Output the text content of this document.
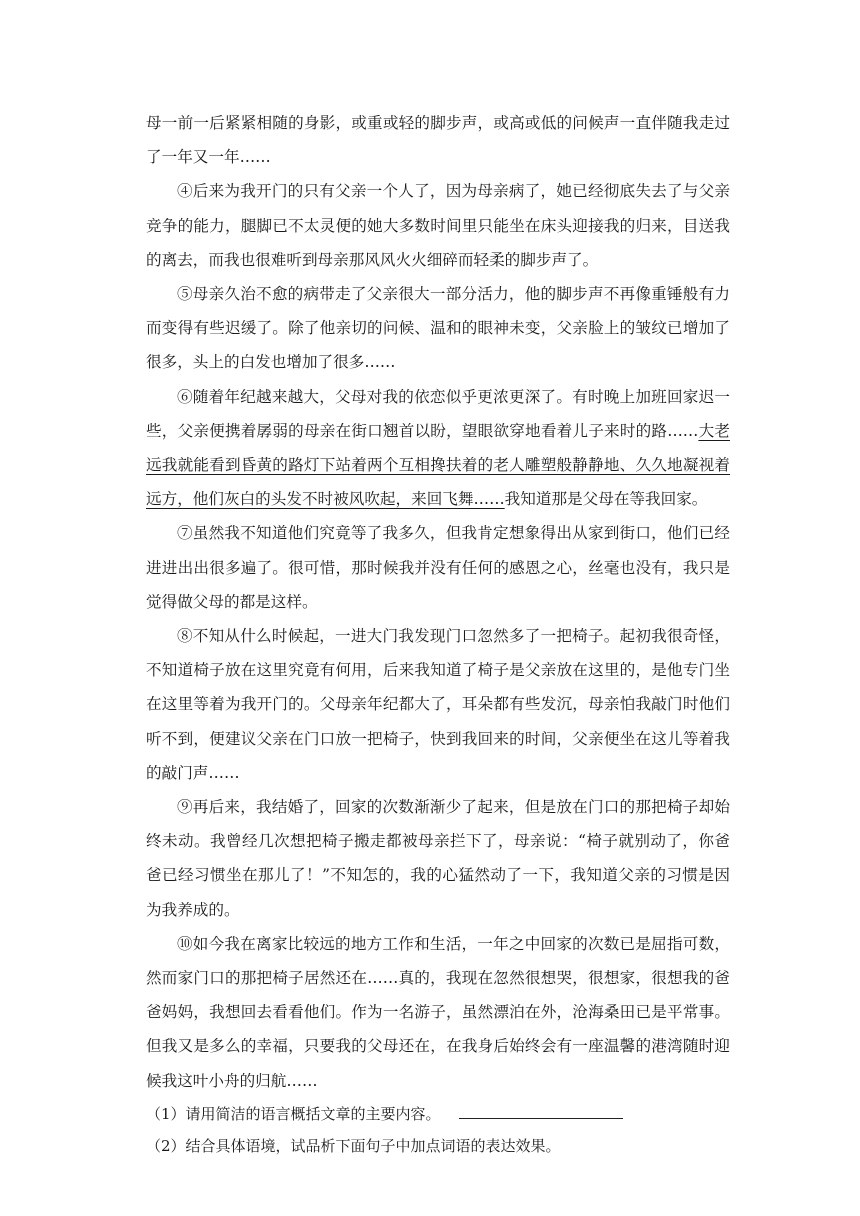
母一前一后紧紧相随的身影，或重或轻的脚步声，或高或低的问候声一直伴随我走过了一年又一年……

④后来为我开门的只有父亲一个人了，因为母亲病了，她已经彻底失去了与父亲竞争的能力，腿脚已不太灵便的她大多数时间里只能坐在床头迎接我的归来，目送我的离去，而我也很难听到母亲那风风火火细碎而轻柔的脚步声了。

⑤母亲久治不愈的病带走了父亲很大一部分活力，他的脚步声不再像重锤般有力而变得有些迟缓了。除了他亲切的问候、温和的眼神未变，父亲脸上的皱纹已增加了很多，头上的白发也增加了很多……

⑥随着年纪越来越大，父母对我的依恋似乎更浓更深了。有时晚上加班回家迟一些，父亲便携着孱弱的母亲在街口翘首以盼，望眼欲穿地看着儿子来时的路……大老远我就能看到昏黄的路灯下站着两个互相搀扶着的老人雕塑般静静地、久久地凝视着远方，他们灰白的头发不时被风吹起，来回飞舞……我知道那是父母在等我回家。

⑦虽然我不知道他们究竟等了我多久，但我肯定想象得出从家到街口，他们已经进进出出很多遍了。很可惜，那时候我并没有任何的感恩之心，丝毫也没有，我只是觉得做父母的都是这样。

⑧不知从什么时候起，一进大门我发现门口忽然多了一把椅子。起初我很奇怪，不知道椅子放在这里究竟有何用，后来我知道了椅子是父亲放在这里的，是他专门坐在这里等着为我开门的。父母亲年纪都大了，耳朵都有些发沉，母亲怕我敲门时他们听不到，便建议父亲在门口放一把椅子，快到我回来的时间，父亲便坐在这儿等着我的敲门声……

⑨再后来，我结婚了，回家的次数渐渐少了起来，但是放在门口的那把椅子却始终未动。我曾经几次想把椅子搬走都被母亲拦下了，母亲说：“椅子就别动了，你爸爸已经习惯坐在那儿了！”不知怎的，我的心猛然动了一下，我知道父亲的习惯是因为我养成的。

⑩如今我在离家比较远的地方工作和生活，一年之中回家的次数已是屈指可数，然而家门口的那把椅子居然还在……真的，我现在忽然很想哭，很想家，很想我的爸爸妈妈，我想回去看看他们。作为一名游子，虽然漂泊在外，沧海桑田已是平常事。但我又是多么的幸福，只要我的父母还在，在我身后始终会有一座温馨的港湾随时迎候我这叶小舟的归航……

（1）请用简洁的语言概括文章的主要内容。

（2）结合具体语境，试品析下面句子中加点词语的表达效果。
